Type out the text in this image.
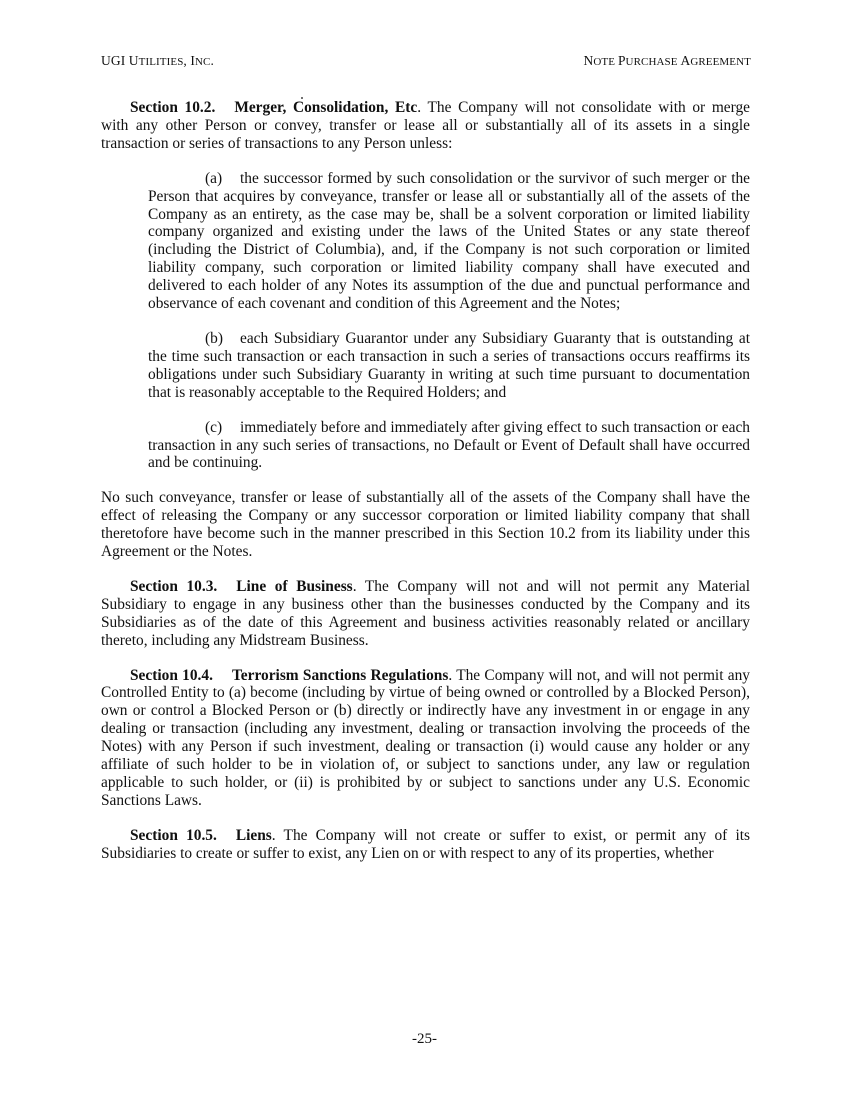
UGI UTILITIES, INC.	NOTE PURCHASE AGREEMENT

Section 10.2. Merger, Consolidation, Etc. The Company will not consolidate with or merge with any other Person or convey, transfer or lease all or substantially all of its assets in a single transaction or series of transactions to any Person unless:

(a) the successor formed by such consolidation or the survivor of such merger or the Person that acquires by conveyance, transfer or lease all or substantially all of the assets of the Company as an entirety, as the case may be, shall be a solvent corporation or limited liability company organized and existing under the laws of the United States or any state thereof (including the District of Columbia), and, if the Company is not such corporation or limited liability company, such corporation or limited liability company shall have executed and delivered to each holder of any Notes its assumption of the due and punctual performance and observance of each covenant and condition of this Agreement and the Notes;

(b) each Subsidiary Guarantor under any Subsidiary Guaranty that is outstanding at the time such transaction or each transaction in such a series of transactions occurs reaffirms its obligations under such Subsidiary Guaranty in writing at such time pursuant to documentation that is reasonably acceptable to the Required Holders; and

(c) immediately before and immediately after giving effect to such transaction or each transaction in any such series of transactions, no Default or Event of Default shall have occurred and be continuing.

No such conveyance, transfer or lease of substantially all of the assets of the Company shall have the effect of releasing the Company or any successor corporation or limited liability company that shall theretofore have become such in the manner prescribed in this Section 10.2 from its liability under this Agreement or the Notes.

Section 10.3. Line of Business. The Company will not and will not permit any Material Subsidiary to engage in any business other than the businesses conducted by the Company and its Subsidiaries as of the date of this Agreement and business activities reasonably related or ancillary thereto, including any Midstream Business.

Section 10.4. Terrorism Sanctions Regulations. The Company will not, and will not permit any Controlled Entity to (a) become (including by virtue of being owned or controlled by a Blocked Person), own or control a Blocked Person or (b) directly or indirectly have any investment in or engage in any dealing or transaction (including any investment, dealing or transaction involving the proceeds of the Notes) with any Person if such investment, dealing or transaction (i) would cause any holder or any affiliate of such holder to be in violation of, or subject to sanctions under, any law or regulation applicable to such holder, or (ii) is prohibited by or subject to sanctions under any U.S. Economic Sanctions Laws.

Section 10.5. Liens. The Company will not create or suffer to exist, or permit any of its Subsidiaries to create or suffer to exist, any Lien on or with respect to any of its properties, whether

-25-
